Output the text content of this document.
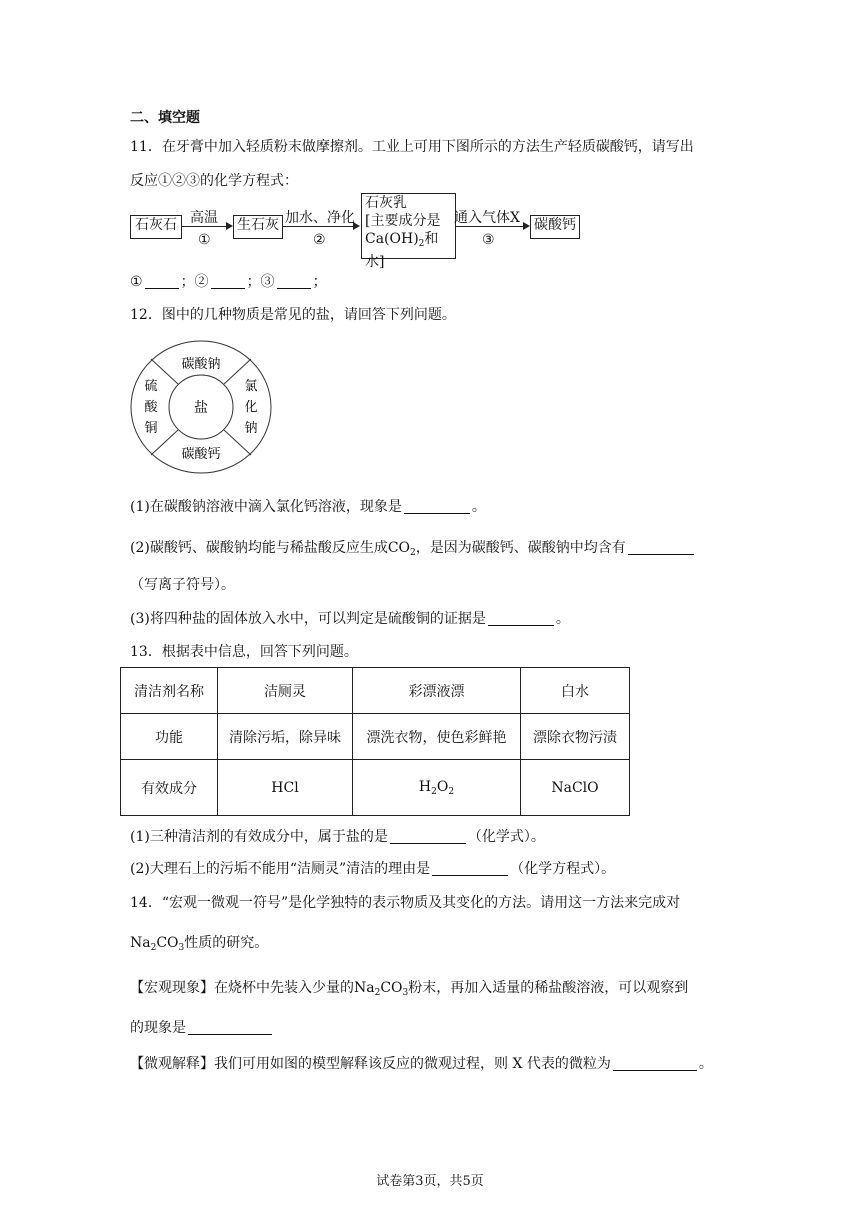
二、填空题
11．在牙膏中加入轻质粉末做摩擦剂。工业上可用下图所示的方法生产轻质碳酸钙，请写出
反应①②③的化学方程式：
石灰石 高温
①
生石灰 加水、净化
②
石灰乳
[主要成分是
$Ca(OH)_2$和水]
通入气体X
③
碳酸钙
①	；②	；③	；
12．图中的几种物质是常见的盐，请回答下列问题。
盐
碳酸钠
碳酸钙
硫
酸
铜
氯
化
钠
(1)在碳酸钠溶液中滴入氯化钙溶液，现象是	。
(2)碳酸钙、碳酸钠均能与稀盐酸反应生成$CO_2$，是因为碳酸钙、碳酸钠中均含有
（写离子符号）。
(3)将四种盐的固体放入水中，可以判定是硫酸铜的证据是	。
13．根据表中信息，回答下列问题。
清洁剂名称	洁厕灵	彩漂液漂	白水
功能	清除污垢，除异味	漂洗衣物，使色彩鲜艳	漂除衣物污渍
有效成分	HCl	$H_2O_2$	NaClO
(1)三种清洁剂的有效成分中，属于盐的是	（化学式）。
(2)大理石上的污垢不能用“洁厕灵”清洁的理由是	（化学方程式）。
14．“宏观一微观一符号”是化学独特的表示物质及其变化的方法。请用这一方法来完成对
$Na_2CO_3$性质的研究。
【宏观现象】在烧杯中先装入少量的$Na_2CO_3$粉末，再加入适量的稀盐酸溶液，可以观察到
的现象是
【微观解释】我们可用如图的模型解释该反应的微观过程，则 X 代表的微粒为	。
试卷第3页，共5页
